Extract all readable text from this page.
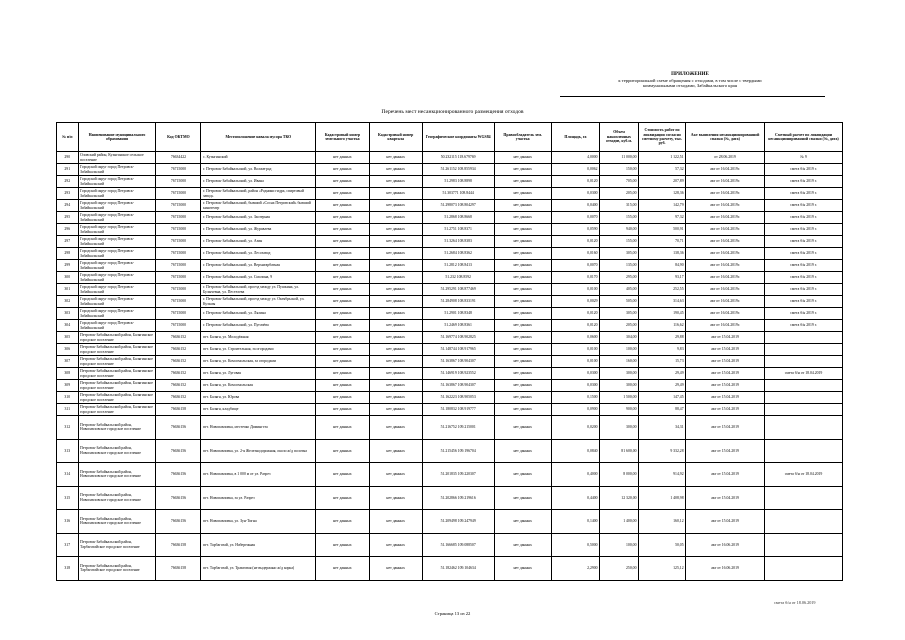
ПРИЛОЖЕНИЕ
к территориальной схеме обращения с отходами, в том числе с твердыми
коммунальными отходами, Забайкальского края
Перечень мест несанкционированного размещения отходов
№ п/п	Наименование муниципального образования	Код ОКТМО	Местоположение навала мусора ТКО	Кадастровый номер земельного участка	Кадастровый номер квартала	Географические координаты WGS84	Правообладатель зем. участка	Площадь, га	Объем накопленных отходов, куб.м.	Стоимость работ по ликвидации согласно сметному расчету, тыс. руб.	Акт выявления несанкционированной свалки (№, дата)	Сметный расчет по ликвидации несанкционированной свалки (№, дата)
290	Оловский район, Куэнгинское сельское поселение	76634422	с. Куэнгинский	нет данных	нет данных	50.232115 118.679769	нет данных	4,0000	11 000,00	1 122,51	от 28.06.2019	№ 9
291	Городской округ город Петровск-Забайкальский	76715000	г. Петровск-Забайкальский, ул. Волжеград	нет данных	нет данных	51.261152 108.855934	нет данных	0,0062	150,00	57,32	акт от 16.04.2019г.	смета б/н 2019 г.
292	Городской округ город Петровск-Забайкальский	76715000	г. Петровск-Забайкальский, ул. Ивана	нет данных	нет данных	51.2983 108.8898	нет данных	0,0120	705,00	207,89	акт от 16.04.2019г.	смета б/н 2019 г.
293	Городской округ город Петровск-Забайкальский	76715000	г. Петровск-Забайкальский, район «Родники гидра, спиртовый завод»	нет данных	нет данных	51.303771 108.8444	нет данных	0,0300	205,00	128,36	акт от 16.04.2019г.	смета б/н 2019 г.
294	Городской округ город Петровск-Забайкальский	76715000	г. Петровск-Забайкальский, бывший «Сосна Петровский» бывший кинотеатр	нет данных	нет данных	51.298073 108.804297	нет данных	0,0400	315,00	142,79	акт от 16.04.2019г.	смета б/н 2019 г.
295	Городской округ город Петровск-Забайкальский	76715000	г. Петровск-Забайкальский, ул. Заозерная	нет данных	нет данных	51.2868 108.8668	нет данных	0,0070	155,00	97,32	акт от 16.04.2019г.	смета б/н 2019 г.
296	Городской округ город Петровск-Забайкальский	76715000	г. Петровск-Забайкальский, ул. Журавлева	нет данных	нет данных	51.2751 108.8371	нет данных	0,0590	940,00	500,91	акт от 16.04.2019г.	смета б/н 2019 г.
297	Городской округ город Петровск-Забайкальский	76715000	г. Петровск-Забайкальский, ул. Азин	нет данных	нет данных	51.3264 108.8383	нет данных	0,0120	155,00	70,71	акт от 16.04.2019г.	смета б/н 2019 г.
298	Городской округ город Петровск-Забайкальский	76715000	г. Петровск-Забайкальский, ул. Лесозавод	нет данных	нет данных	51.2684 108.8362	нет данных	0,0160	305,00	138,36	акт от 16.04.2019г.	смета б/н 2019 г.
299	Городской округ город Петровск-Забайкальский	76715000	г. Петровск-Забайкальский, ул. Верхнеарбатная	нет данных	нет данных	51.2812 108.8413	нет данных	0,0070	135,00	84,90	акт от 16.04.2019г.	смета б/н 2019 г.
300	Городской округ город Петровск-Забайкальский	76715000	г. Петровск-Забайкальский, ул. Смолина, 9	нет данных	нет данных	51.232 108.8592	нет данных	0,0170	295,00	93,17	акт от 16.04.2019г.	смета б/н 2019 г.
301	Городской округ город Петровск-Забайкальский	76715000	г. Петровск-Забайкальский, проезд между ул. Пушкина, ул. Булычевна, ул. Пестелева	нет данных	нет данных	51.295291 108.877469	нет данных	0,0100	405,00	252,55	акт от 16.04.2019г.	смета б/н 2019 г.
302	Городской округ город Петровск-Забайкальский	76715000	г. Петровск-Забайкальский, проезд между ул. Октябрьской, ул. Кузьмы	нет данных	нет данных	51.284908 108.833191	нет данных	0,0029	505,00	314,63	акт от 16.04.2019г.	смета б/н 2019 г.
303	Городской округ город Петровск-Забайкальский	76715000	г. Петровск-Забайкальский, ул. Лялина	нет данных	нет данных	51.2901 108.8348	нет данных	0,0120	305,00	190,45	акт от 16.04.2019г.	смета б/н 2019 г.
304	Городской округ город Петровск-Забайкальский	76715000	г. Петровск-Забайкальский, ул. Пугачёва	нет данных	нет данных	51.2469 108.8361	нет данных	0,0120	205,00	116,62	акт от 16.04.2019г.	смета б/н 2019 г.
305	Петровск-Забайкальский район, Балягинское городское поселение	76636152	пгт. Балягя, ул. Молодёжная	нет данных	нет данных	51.169774 108.902825	нет данных	0,0600	304,00	29,88	акт от 15.04.2019	
306	Петровск-Забайкальский район, Балягинское городское поселение	76636152	пгт. Балягя, ул. Строительная, за огородами	нет данных	нет данных	51.148744 108.917965	нет данных	0,0100	100,00	9,83	акт от 15.04.2019	
307	Петровск-Забайкальский район, Балягинское городское поселение	76636152	пгт. Балягя, ул. Комсомольская, за огородами	нет данных	нет данных	51.163867 108.904307	нет данных	0,0100	160,00	15,73	акт от 15.04.2019	
308	Петровск-Забайкальский район, Балягинское городское поселение	76636152	пгт. Балягя, ул. Луговая	нет данных	нет данных	51.146919 108.923552	нет данных	0,0300	300,00	29,49	акт от 15.04.2019	смета б/н от 18.04.2019
309	Петровск-Забайкальский район, Балягинское городское поселение	76636152	пгт. Балягя, ул. Комсомольская	нет данных	нет данных	51.163867 108.904307	нет данных	0,0300	300,00	29,49	акт от 15.04.2019	
310	Петровск-Забайкальский район, Балягинское городское поселение	76636152	пгт. Балягя, ул. Юрова	нет данных	нет данных	51.162223 108.905053	нет данных	0,1500	1 500,00	147,45	акт от 15.04.2019	
311	Петровск-Забайкальский район, Балягинское городское поселение	76636158	пгт. Балягя, кладбище	нет данных	нет данных	51.180832 108.919777	нет данных	0,0900	900,00	88,47	акт от 15.04.2019	
312	Петровск-Забайкальский район, Новопавловское городское поселение	76636156	пгт. Новопавловка, местечко Димингэта	нет данных	нет данных	51.216752 109.215001	нет данных	0,0200	300,00	34,31	акт от 15.04.2019	
313	Петровск-Забайкальский район, Новопавловское городское поселение	76636156	пгт. Новопавловка, ул. 2-я Железнодорожная, около ж/д полотна	нет данных	нет данных	51.215456 109.196704	нет данных	0,0840	81 600,00	9 332,28	акт от 15.04.2019	
314	Петровск-Забайкальский район, Новопавловское городское поселение	76636156	пгт. Новопавловка, в 1 000 м от ул. Разрез	нет данных	нет данных	51.201835 109.220307	нет данных	0,4000	8 000,00	914,92	акт от 15.04.2019	смета б/н от 18.04.2019
315	Петровск-Забайкальский район, Новопавловское городское поселение	76636156	пгт. Новопавловка, за ул. Разрез	нет данных	нет данных	51.202866 109.219616	нет данных	0,4400	12 320,00	1 408,98	акт от 15.04.2019	
316	Петровск-Забайкальский район, Новопавловское городское поселение	76636156	пгт. Новопавловка, ул. Зун-Тигна	нет данных	нет данных	51.209498 109.247949	нет данных	0,1400	1 400,00	160,12	акт от 15.04.2019	
317	Петровск-Забайкальский район, Тарбагатайское городское поселение	76636158	пгт. Тарбагатай, ул. Набережная	нет данных	нет данных	51.166685 109.088507	нет данных	0,5000	100,00	50,05	акт от 16.06.2019	
318	Петровск-Забайкальский район, Тарбагатайское городское поселение	76636158	пгт. Тарбагатай, ул. Трактовая (не выдержано ж/д корка)	нет данных	нет данных	51.182462 109.104634	нет данных	2,2900	250,00	125,12	акт от 16.06.2019	
смета б/н от 18.06.2019
Страница 13 из 22
